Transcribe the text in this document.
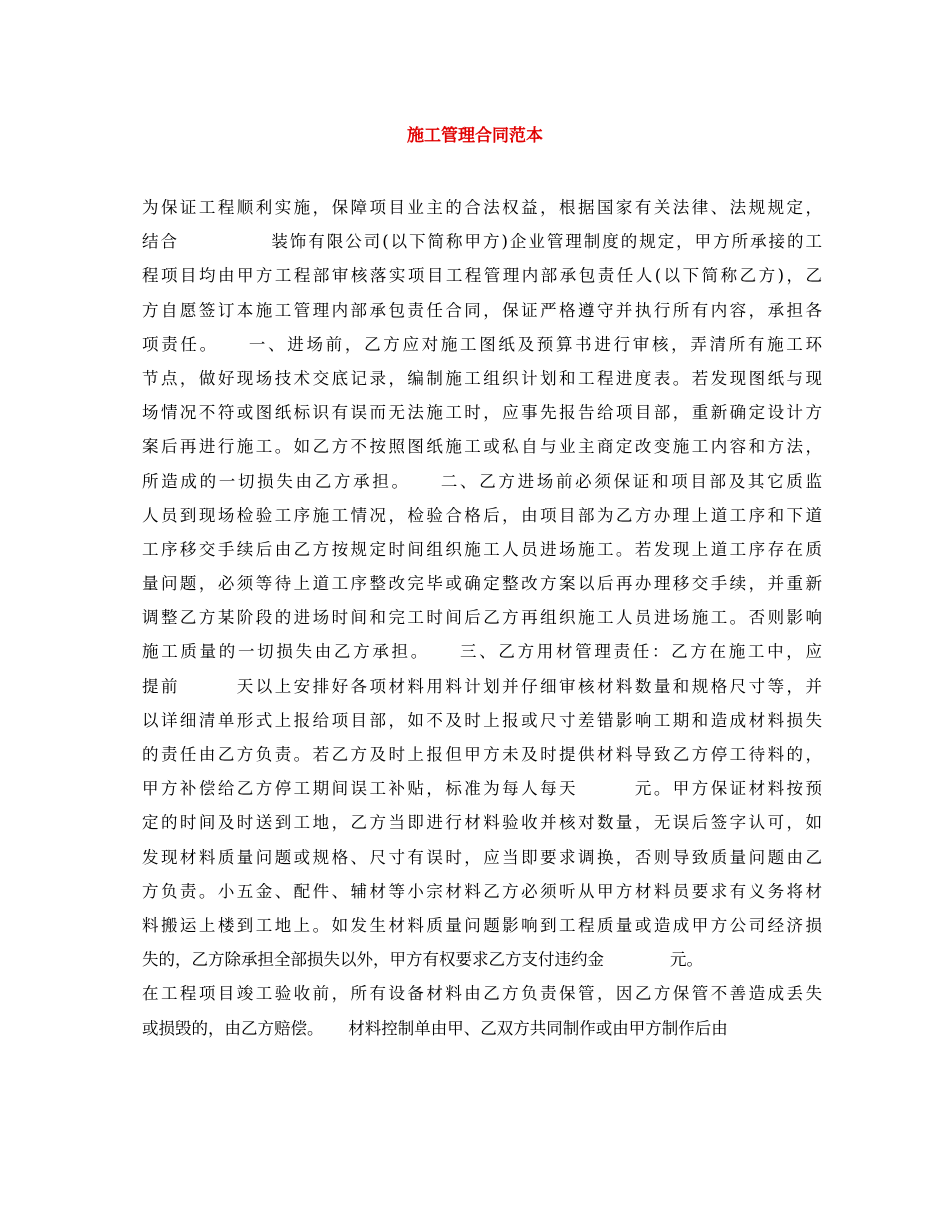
施工管理合同范本
为保证工程顺利实施，保障项目业主的合法权益，根据国家有关法律、法规规定，
结合　　　　　装饰有限公司(以下简称甲方)企业管理制度的规定，甲方所承接的工
程项目均由甲方工程部审核落实项目工程管理内部承包责任人(以下简称乙方)，乙
方自愿签订本施工管理内部承包责任合同，保证严格遵守并执行所有内容，承担各
项责任。　　一、进场前，乙方应对施工图纸及预算书进行审核，弄清所有施工环
节点，做好现场技术交底记录，编制施工组织计划和工程进度表。若发现图纸与现
场情况不符或图纸标识有误而无法施工时，应事先报告给项目部，重新确定设计方
案后再进行施工。如乙方不按照图纸施工或私自与业主商定改变施工内容和方法，
所造成的一切损失由乙方承担。　　二、乙方进场前必须保证和项目部及其它质监
人员到现场检验工序施工情况，检验合格后，由项目部为乙方办理上道工序和下道
工序移交手续后由乙方按规定时间组织施工人员进场施工。若发现上道工序存在质
量问题，必须等待上道工序整改完毕或确定整改方案以后再办理移交手续，并重新
调整乙方某阶段的进场时间和完工时间后乙方再组织施工人员进场施工。否则影响
施工质量的一切损失由乙方承担。　　三、乙方用材管理责任：乙方在施工中，应
提前　　　天以上安排好各项材料用料计划并仔细审核材料数量和规格尺寸等，并
以详细清单形式上报给项目部，如不及时上报或尺寸差错影响工期和造成材料损失
的责任由乙方负责。若乙方及时上报但甲方未及时提供材料导致乙方停工待料的，
甲方补偿给乙方停工期间误工补贴，标准为每人每天　　　元。甲方保证材料按预
定的时间及时送到工地，乙方当即进行材料验收并核对数量，无误后签字认可，如
发现材料质量问题或规格、尺寸有误时，应当即要求调换，否则导致质量问题由乙
方负责。小五金、配件、辅材等小宗材料乙方必须听从甲方材料员要求有义务将材
料搬运上楼到工地上。如发生材料质量问题影响到工程质量或造成甲方公司经济损
失的，乙方除承担全部损失以外，甲方有权要求乙方支付违约金　　　　元。
在工程项目竣工验收前，所有设备材料由乙方负责保管，因乙方保管不善造成丢失
或损毁的，由乙方赔偿。　　材料控制单由甲、乙双方共同制作或由甲方制作后由
